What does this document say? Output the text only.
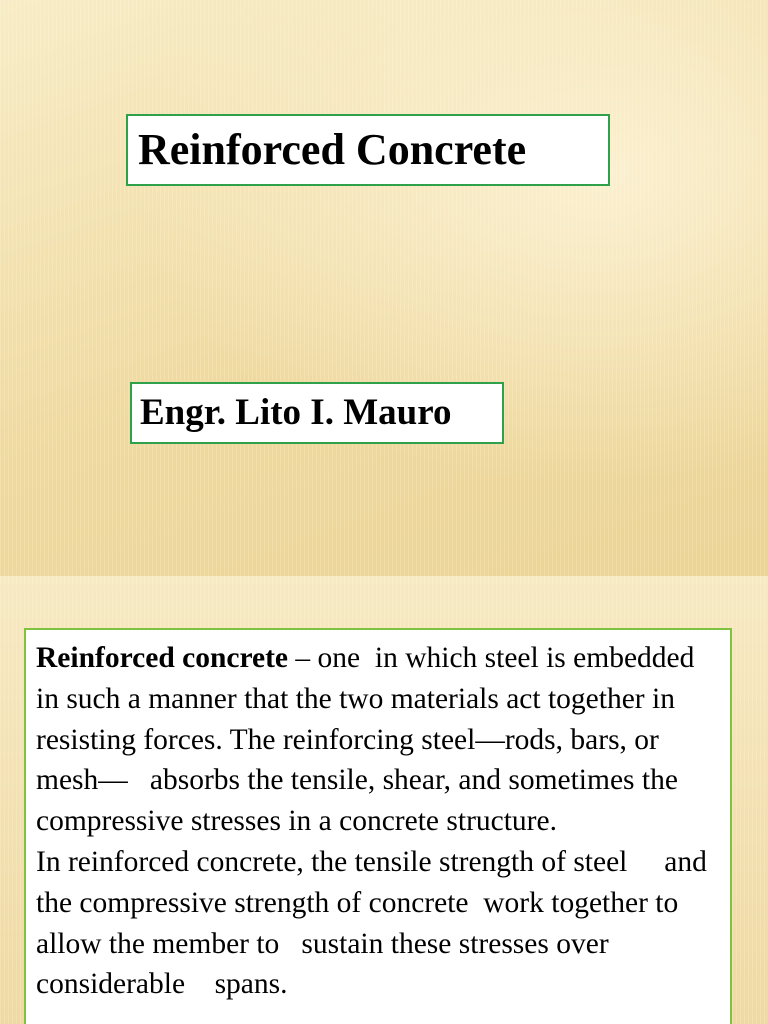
Reinforced Concrete
Engr. Lito I. Mauro

Reinforced concrete – one  in which steel is embedded in such a manner that the two materials act together in resisting forces. The reinforcing steel—rods, bars, or mesh—   absorbs the tensile, shear, and sometimes the compressive stresses in a concrete structure.

In reinforced concrete, the tensile strength of steel     and the compressive strength of concrete  work together to allow the member to   sustain these stresses over considerable    spans.
